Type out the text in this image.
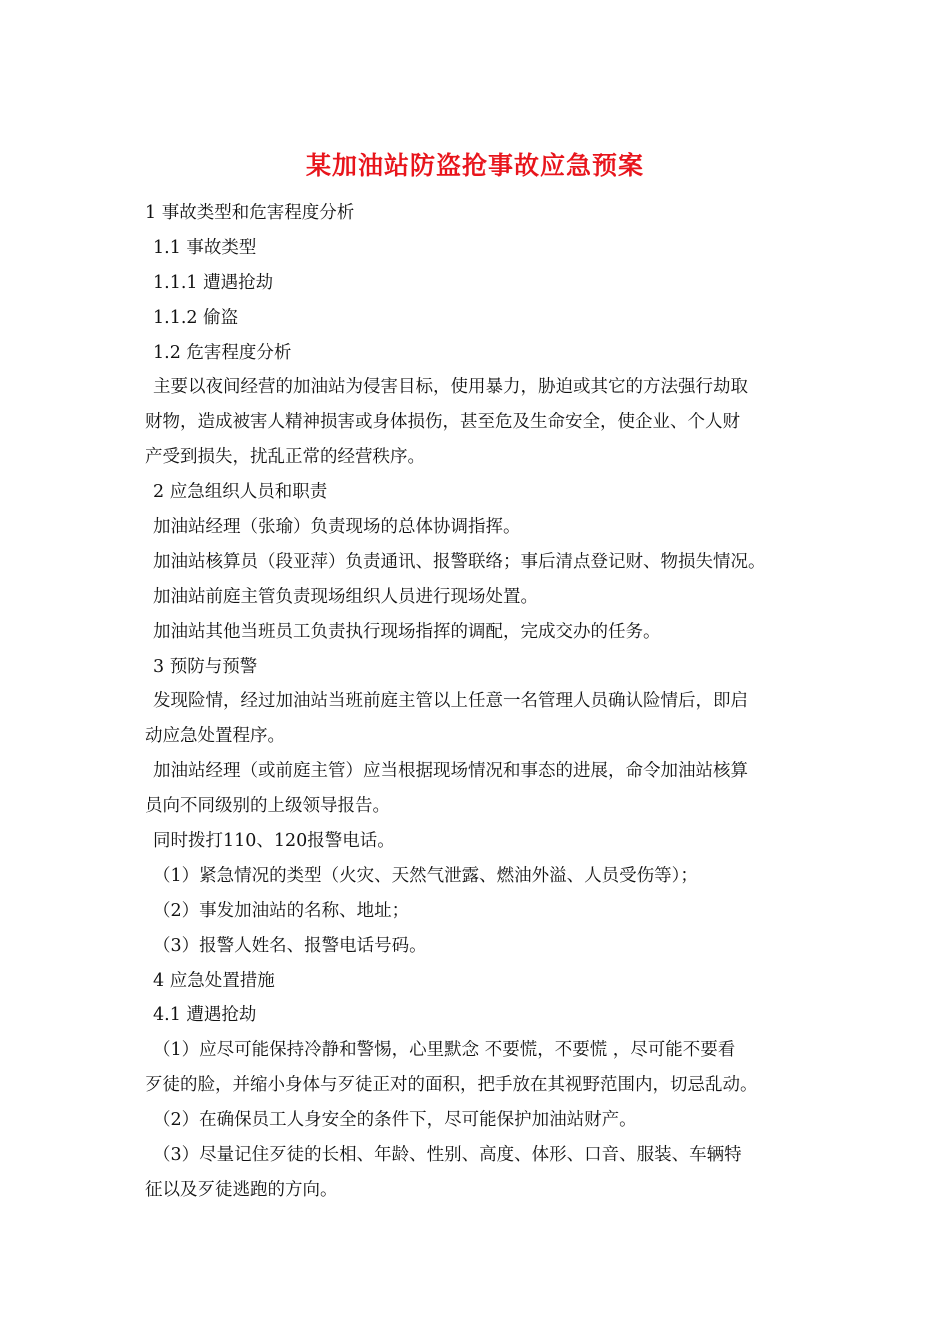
某加油站防盗抢事故应急预案
1 事故类型和危害程度分析
1.1 事故类型
1.1.1 遭遇抢劫
1.1.2 偷盗
1.2 危害程度分析
主要以夜间经营的加油站为侵害目标，使用暴力，胁迫或其它的方法强行劫取
财物，造成被害人精神损害或身体损伤，甚至危及生命安全，使企业、个人财
产受到损失，扰乱正常的经营秩序。
2 应急组织人员和职责
加油站经理（张瑜）负责现场的总体协调指挥。
加油站核算员（段亚萍）负责通讯、报警联络；事后清点登记财、物损失情况。
加油站前庭主管负责现场组织人员进行现场处置。
加油站其他当班员工负责执行现场指挥的调配，完成交办的任务。
3 预防与预警
发现险情，经过加油站当班前庭主管以上任意一名管理人员确认险情后，即启
动应急处置程序。
加油站经理（或前庭主管）应当根据现场情况和事态的进展，命令加油站核算
员向不同级别的上级领导报告。
同时拨打110、120报警电话。
（1）紧急情况的类型（火灾、天然气泄露、燃油外溢、人员受伤等）；
（2）事发加油站的名称、地址；
（3）报警人姓名、报警电话号码。
4 应急处置措施
4.1 遭遇抢劫
（1）应尽可能保持冷静和警惕，心里默念 不要慌，不要慌 ，尽可能不要看
歹徒的脸，并缩小身体与歹徒正对的面积，把手放在其视野范围内，切忌乱动。
（2）在确保员工人身安全的条件下，尽可能保护加油站财产。
（3）尽量记住歹徒的长相、年龄、性别、高度、体形、口音、服装、车辆特
征以及歹徒逃跑的方向。
